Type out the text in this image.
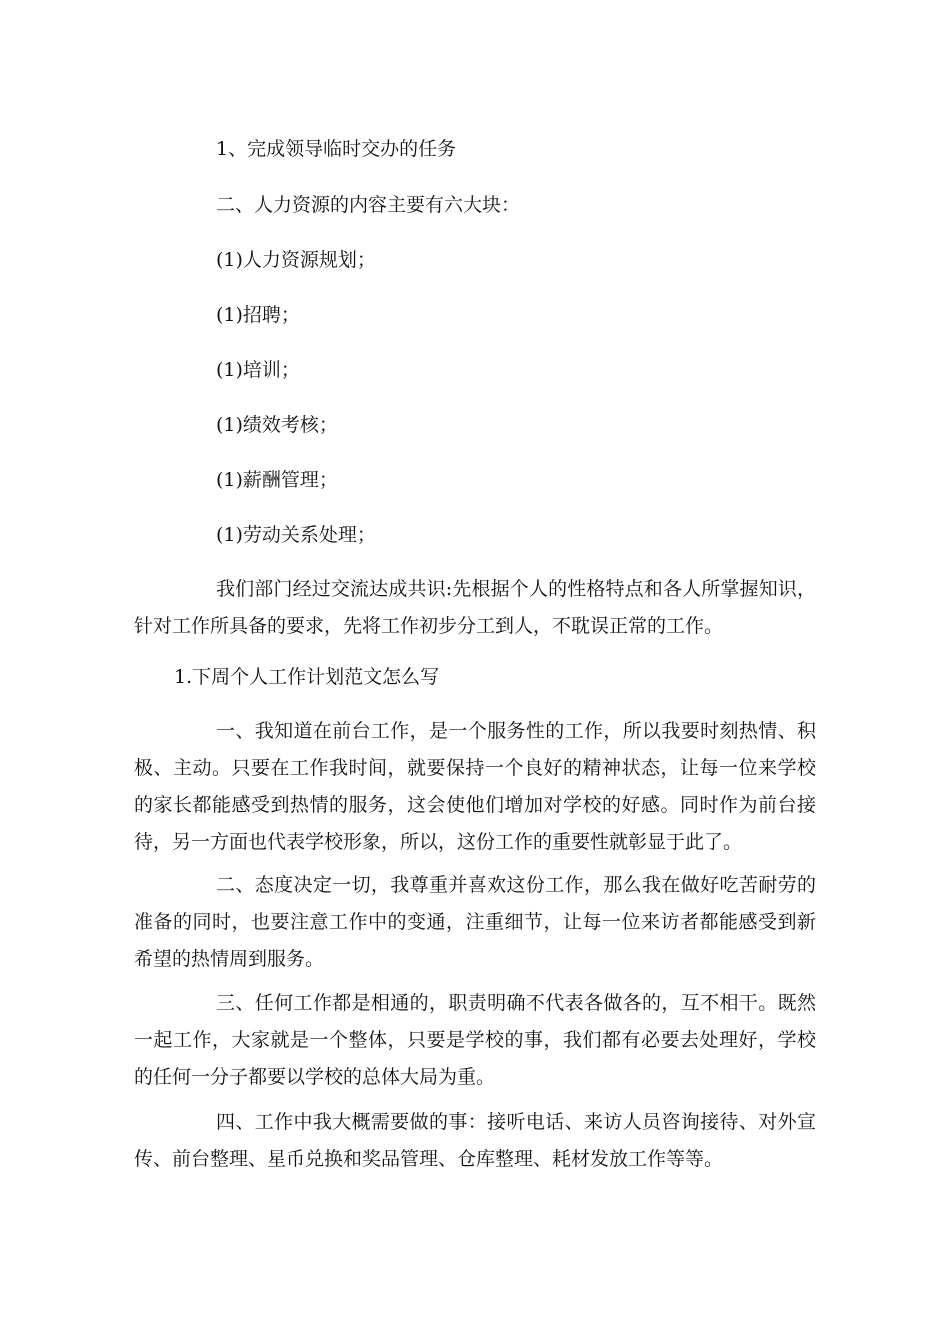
1、完成领导临时交办的任务

二、人力资源的内容主要有六大块：

(1)人力资源规划；

(1)招聘；

(1)培训；

(1)绩效考核；

(1)薪酬管理；

(1)劳动关系处理；

我们部门经过交流达成共识:先根据个人的性格特点和各人所掌握知识，针对工作所具备的要求，先将工作初步分工到人，不耽误正常的工作。

1.下周个人工作计划范文怎么写

一、我知道在前台工作，是一个服务性的工作，所以我要时刻热情、积极、主动。只要在工作我时间，就要保持一个良好的精神状态，让每一位来学校的家长都能感受到热情的服务，这会使他们增加对学校的好感。同时作为前台接待，另一方面也代表学校形象，所以，这份工作的重要性就彰显于此了。

二、态度决定一切，我尊重并喜欢这份工作，那么我在做好吃苦耐劳的准备的同时，也要注意工作中的变通，注重细节，让每一位来访者都能感受到新希望的热情周到服务。

三、任何工作都是相通的，职责明确不代表各做各的，互不相干。既然一起工作，大家就是一个整体，只要是学校的事，我们都有必要去处理好，学校的任何一分子都要以学校的总体大局为重。

四、工作中我大概需要做的事：接听电话、来访人员咨询接待、对外宣传、前台整理、星币兑换和奖品管理、仓库整理、耗材发放工作等等。
